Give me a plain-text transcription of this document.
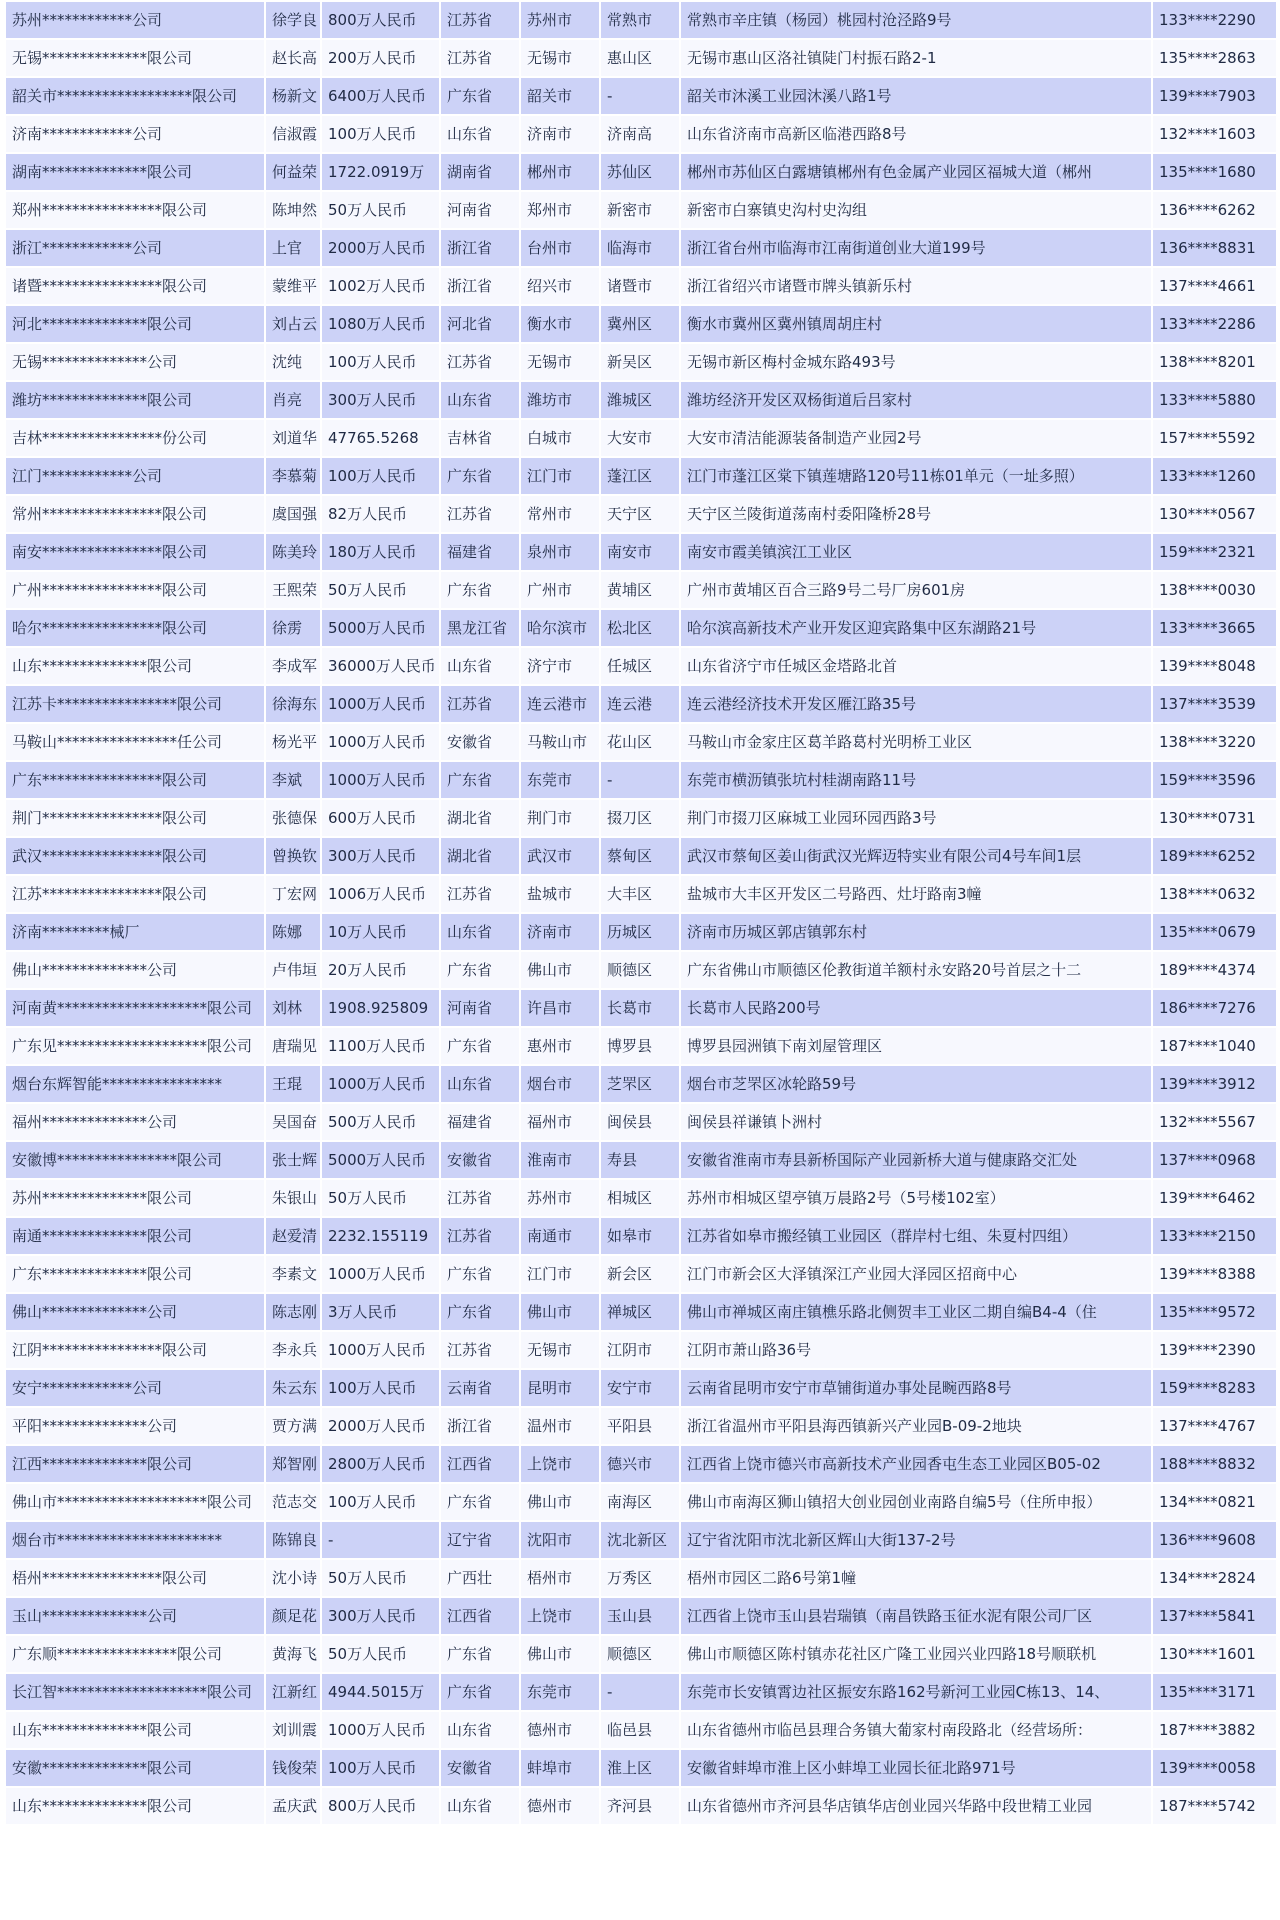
苏州************公司	徐学良	800万人民币	江苏省	苏州市	常熟市	常熟市辛庄镇（杨园）桃园村沧泾路9号	133****2290
无锡**************限公司	赵长高	200万人民币	江苏省	无锡市	惠山区	无锡市惠山区洛社镇陡门村振石路2-1	135****2863
韶关市******************限公司	杨新文	6400万人民币	广东省	韶关市	-	韶关市沐溪工业园沐溪八路1号	139****7903
济南************公司	信淑霞	100万人民币	山东省	济南市	济南高	山东省济南市高新区临港西路8号	132****1603
湖南**************限公司	何益荣	1722.0919万	湖南省	郴州市	苏仙区	郴州市苏仙区白露塘镇郴州有色金属产业园区福城大道（郴州	135****1680
郑州****************限公司	陈坤然	50万人民币	河南省	郑州市	新密市	新密市白寨镇史沟村史沟组	136****6262
浙江************公司	上官	2000万人民币	浙江省	台州市	临海市	浙江省台州市临海市江南街道创业大道199号	136****8831
诸暨****************限公司	蒙维平	1002万人民币	浙江省	绍兴市	诸暨市	浙江省绍兴市诸暨市牌头镇新乐村	137****4661
河北**************限公司	刘占云	1080万人民币	河北省	衡水市	冀州区	衡水市冀州区冀州镇周胡庄村	133****2286
无锡**************公司	沈纯	100万人民币	江苏省	无锡市	新吴区	无锡市新区梅村金城东路493号	138****8201
潍坊**************限公司	肖亮	300万人民币	山东省	潍坊市	潍城区	潍坊经济开发区双杨街道后吕家村	133****5880
吉林****************份公司	刘道华	47765.5268	吉林省	白城市	大安市	大安市清洁能源装备制造产业园2号	157****5592
江门************公司	李慕菊	100万人民币	广东省	江门市	蓬江区	江门市蓬江区棠下镇莲塘路120号11栋01单元（一址多照）	133****1260
常州****************限公司	虞国强	82万人民币	江苏省	常州市	天宁区	天宁区兰陵街道荡南村委阳隆桥28号	130****0567
南安****************限公司	陈美玲	180万人民币	福建省	泉州市	南安市	南安市霞美镇滨江工业区	159****2321
广州****************限公司	王熙荣	50万人民币	广东省	广州市	黄埔区	广州市黄埔区百合三路9号二号厂房601房	138****0030
哈尔****************限公司	徐雳	5000万人民币	黑龙江省	哈尔滨市	松北区	哈尔滨高新技术产业开发区迎宾路集中区东湖路21号	133****3665
山东**************限公司	李成军	36000万人民币	山东省	济宁市	任城区	山东省济宁市任城区金塔路北首	139****8048
江苏卡****************限公司	徐海东	1000万人民币	江苏省	连云港市	连云港	连云港经济技术开发区雁江路35号	137****3539
马鞍山****************任公司	杨光平	1000万人民币	安徽省	马鞍山市	花山区	马鞍山市金家庄区葛羊路葛村光明桥工业区	138****3220
广东****************限公司	李斌	1000万人民币	广东省	东莞市	-	东莞市横沥镇张坑村桂湖南路11号	159****3596
荆门****************限公司	张德保	600万人民币	湖北省	荆门市	掇刀区	荆门市掇刀区麻城工业园环园西路3号	130****0731
武汉****************限公司	曾换钦	300万人民币	湖北省	武汉市	蔡甸区	武汉市蔡甸区姜山街武汉光辉迈特实业有限公司4号车间1层	189****6252
江苏****************限公司	丁宏网	1006万人民币	江苏省	盐城市	大丰区	盐城市大丰区开发区二号路西、灶圩路南3幢	138****0632
济南*********械厂	陈娜	10万人民币	山东省	济南市	历城区	济南市历城区郭店镇郭东村	135****0679
佛山**************公司	卢伟垣	20万人民币	广东省	佛山市	顺德区	广东省佛山市顺德区伦教街道羊额村永安路20号首层之十二	189****4374
河南黄********************限公司	刘林	1908.925809	河南省	许昌市	长葛市	长葛市人民路200号	186****7276
广东见********************限公司	唐瑞见	1100万人民币	广东省	惠州市	博罗县	博罗县园洲镇下南刘屋管理区	187****1040
烟台东辉智能****************	王琨	1000万人民币	山东省	烟台市	芝罘区	烟台市芝罘区冰轮路59号	139****3912
福州**************公司	吴国奋	500万人民币	福建省	福州市	闽侯县	闽侯县祥谦镇卜洲村	132****5567
安徽博****************限公司	张士辉	5000万人民币	安徽省	淮南市	寿县	安徽省淮南市寿县新桥国际产业园新桥大道与健康路交汇处	137****0968
苏州**************限公司	朱银山	50万人民币	江苏省	苏州市	相城区	苏州市相城区望亭镇万晨路2号（5号楼102室）	139****6462
南通**************限公司	赵爱清	2232.155119	江苏省	南通市	如皋市	江苏省如皋市搬经镇工业园区（群岸村七组、朱夏村四组）	133****2150
广东**************限公司	李素文	1000万人民币	广东省	江门市	新会区	江门市新会区大泽镇深江产业园大泽园区招商中心	139****8388
佛山**************公司	陈志刚	3万人民币	广东省	佛山市	禅城区	佛山市禅城区南庄镇樵乐路北侧贺丰工业区二期自编B4-4（住	135****9572
江阴****************限公司	李永兵	1000万人民币	江苏省	无锡市	江阴市	江阴市萧山路36号	139****2390
安宁************公司	朱云东	100万人民币	云南省	昆明市	安宁市	云南省昆明市安宁市草铺街道办事处昆畹西路8号	159****8283
平阳**************公司	贾方满	2000万人民币	浙江省	温州市	平阳县	浙江省温州市平阳县海西镇新兴产业园B-09-2地块	137****4767
江西**************限公司	郑智刚	2800万人民币	江西省	上饶市	德兴市	江西省上饶市德兴市高新技术产业园香屯生态工业园区B05-02	188****8832
佛山市********************限公司	范志交	100万人民币	广东省	佛山市	南海区	佛山市南海区狮山镇招大创业园创业南路自编5号（住所申报）	134****0821
烟台市**********************	陈锦良	-	辽宁省	沈阳市	沈北新区	辽宁省沈阳市沈北新区辉山大街137-2号	136****9608
梧州****************限公司	沈小诗	50万人民币	广西壮	梧州市	万秀区	梧州市园区二路6号第1幢	134****2824
玉山**************公司	颜足花	300万人民币	江西省	上饶市	玉山县	江西省上饶市玉山县岩瑞镇（南昌铁路玉征水泥有限公司厂区	137****5841
广东顺****************限公司	黄海飞	50万人民币	广东省	佛山市	顺德区	佛山市顺德区陈村镇赤花社区广隆工业园兴业四路18号顺联机	130****1601
长江智********************限公司	江新红	4944.5015万	广东省	东莞市	-	东莞市长安镇霄边社区振安东路162号新河工业园C栋13、14、	135****3171
山东**************限公司	刘训震	1000万人民币	山东省	德州市	临邑县	山东省德州市临邑县理合务镇大葡家村南段路北（经营场所：	187****3882
安徽**************限公司	钱俊荣	100万人民币	安徽省	蚌埠市	淮上区	安徽省蚌埠市淮上区小蚌埠工业园长征北路971号	139****0058
山东**************限公司	孟庆武	800万人民币	山东省	德州市	齐河县	山东省德州市齐河县华店镇华店创业园兴华路中段世精工业园	187****5742
